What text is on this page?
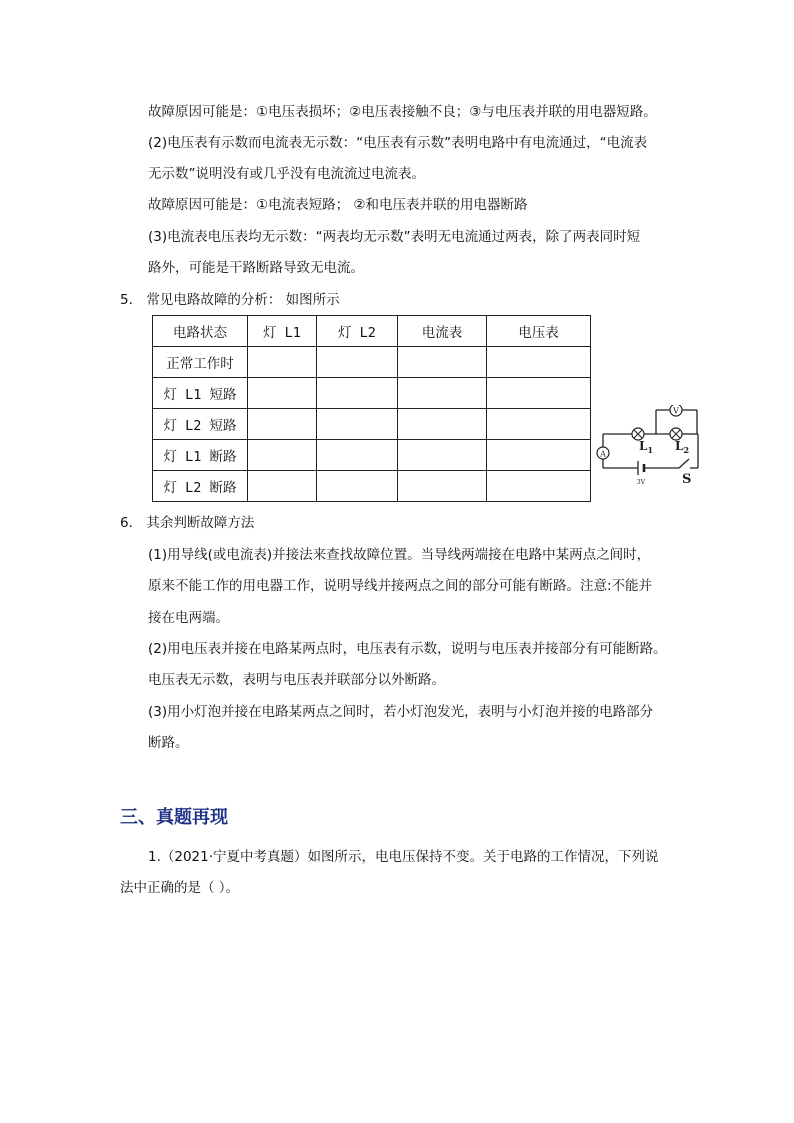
故障原因可能是：①电压表损坏；②电压表接触不良；③与电压表并联的用电器短路。
(2)电压表有示数而电流表无示数：“电压表有示数”表明电路中有电流通过，“电流表
无示数”说明没有或几乎没有电流流过电流表。
故障原因可能是：①电流表短路； ②和电压表并联的用电器断路
(3)电流表电压表均无示数：“两表均无示数”表明无电流通过两表，除了两表同时短
路外，可能是干路断路导致无电流。
5． 常见电路故障的分析： 如图所示
电路状态	灯 L1	灯 L2	电流表	电压表
正常工作时				
灯 L1 短路				
灯 L2 短路				
灯 L1 断路				
灯 L2 断路				
V
A
$L_1$ $L_2$
3V	S
6． 其余判断故障方法
(1)用导线(或电流表)并接法来查找故障位置。当导线两端接在电路中某两点之间时，
原来不能工作的用电器工作，说明导线并接两点之间的部分可能有断路。注意:不能并
接在电两端。
(2)用电压表并接在电路某两点时，电压表有示数，说明与电压表并接部分有可能断路。
电压表无示数，表明与电压表并联部分以外断路。
(3)用小灯泡并接在电路某两点之间时，若小灯泡发光，表明与小灯泡并接的电路部分
断路。
三、真题再现
1.（2021·宁夏中考真题）如图所示，电电压保持不变。关于电路的工作情况，下列说
法中正确的是（ ）。
